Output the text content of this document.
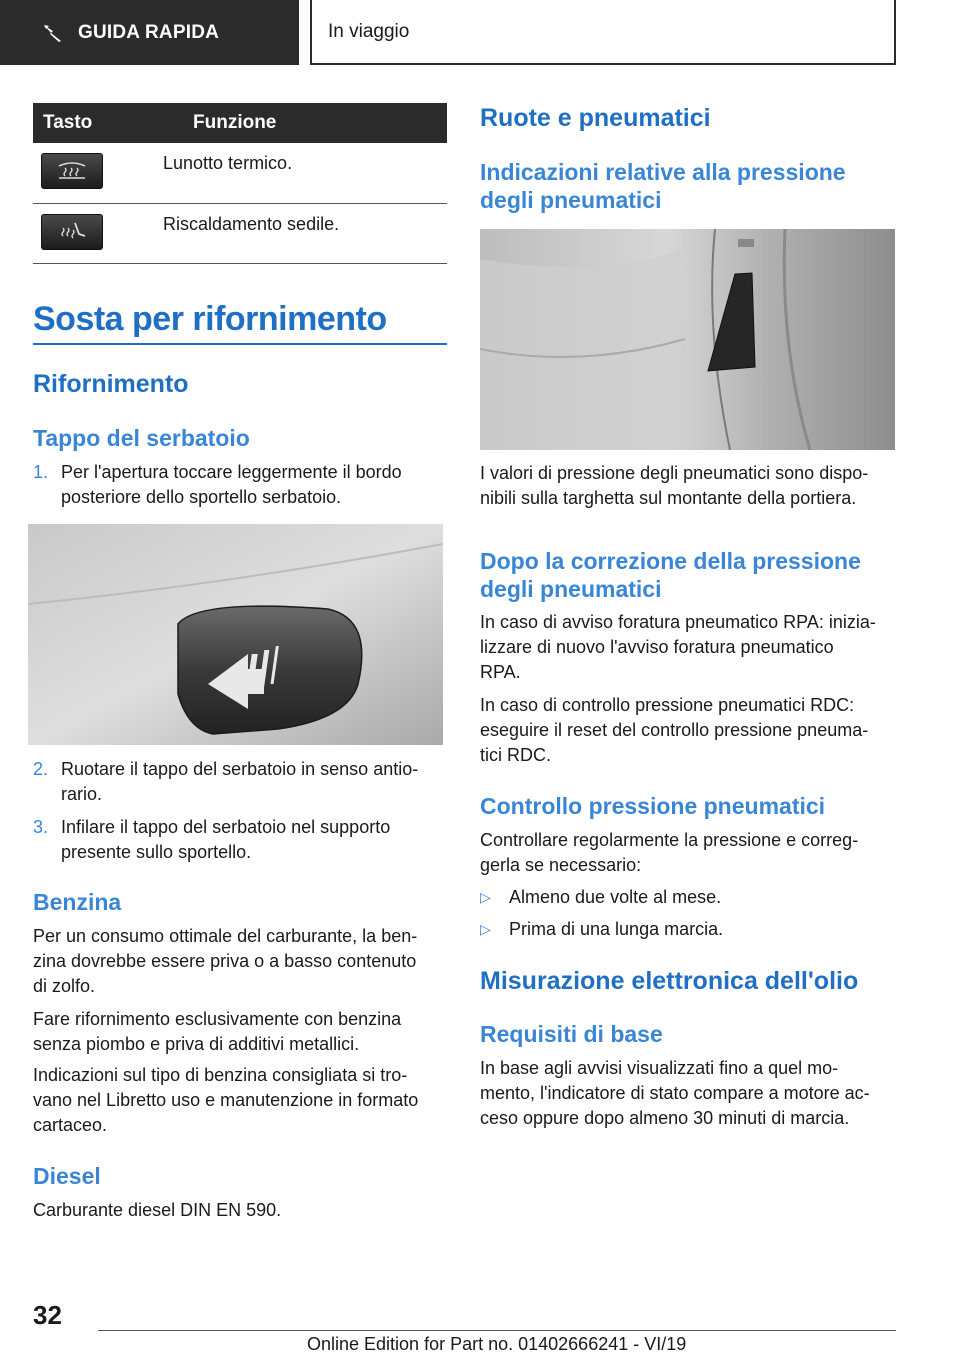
GUIDA RAPIDA	In viaggio
Tasto	Funzione

	Lunotto termico.

	Riscaldamento sedile.
Sosta per rifornimento
Rifornimento
Tappo del serbatoio
1. Per l'apertura toccare leggermente il bordo
posteriore dello sportello serbatoio.
2. Ruotare il tappo del serbatoio in senso antio‐
rario.
3. Infilare il tappo del serbatoio nel supporto
presente sullo sportello.
Benzina
Per un consumo ottimale del carburante, la ben‐
zina dovrebbe essere priva o a basso contenuto
di zolfo.
Fare rifornimento esclusivamente con benzina
senza piombo e priva di additivi metallici.
Indicazioni sul tipo di benzina consigliata si tro‐
vano nel Libretto uso e manutenzione in formato
cartaceo.
Diesel
Carburante diesel DIN EN 590.
Ruote e pneumatici
Indicazioni relative alla pressione
degli pneumatici
I valori di pressione degli pneumatici sono dispo‐
nibili sulla targhetta sul montante della portiera.
Dopo la correzione della pressione
degli pneumatici
In caso di avviso foratura pneumatico RPA: inizia‐
lizzare di nuovo l'avviso foratura pneumatico
RPA.
In caso di controllo pressione pneumatici RDC:
eseguire il reset del controllo pressione pneuma‐
tici RDC.
Controllo pressione pneumatici
Controllare regolarmente la pressione e correg‐
gerla se necessario:
▷ Almeno due volte al mese.
▷ Prima di una lunga marcia.
Misurazione elettronica dell'olio
Requisiti di base
In base agli avvisi visualizzati fino a quel mo‐
mento, l'indicatore di stato compare a motore ac‐
ceso oppure dopo almeno 30 minuti di marcia.
32
Online Edition for Part no. 01402666241 - VI/19
